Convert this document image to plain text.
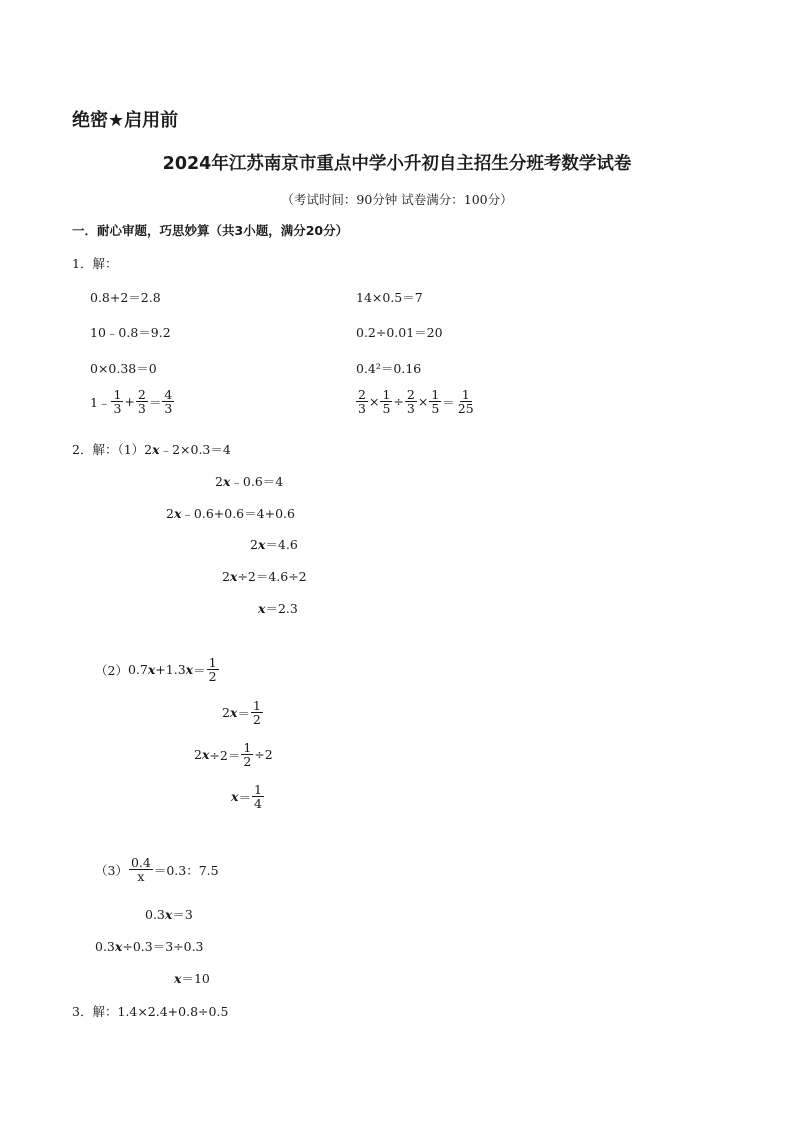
绝密★启用前
2024年江苏南京市重点中学小升初自主招生分班考数学试卷
（考试时间：90分钟 试卷满分：100分）
一．耐心审题，巧思妙算（共3小题，满分20分）
1．解：
0.8+2＝2.8	14×0.5＝7
10﹣0.8＝9.2	0.2÷0.01＝20
0×0.38＝0	0.4²＝0.16
1﹣ $\frac{1}{3} + \frac{2}{3} = \frac{4}{3}$	$\frac{2}{3} \times \frac{1}{5} \div \frac{2}{3} \times \frac{1}{5} = \frac{1}{25}$
2．解：（1）2x﹣2×0.3＝4
2x﹣0.6＝4
2x﹣0.6+0.6＝4+0.6
2x＝4.6
2x÷2＝4.6÷2
x＝2.3
（2） 0.7 x +1.3 $x = \frac{1}{2}$
2 $x = \frac{1}{2}$
2 $x \div 2= \frac{1}{2} \div 2$
$x = \frac{1}{4}$
$(3) \frac{0.4}{x} =0.3$：7.5
0.3x＝3
0.3x÷0.3＝3÷0.3
x＝10
3．解：1.4×2.4+0.8÷0.5
